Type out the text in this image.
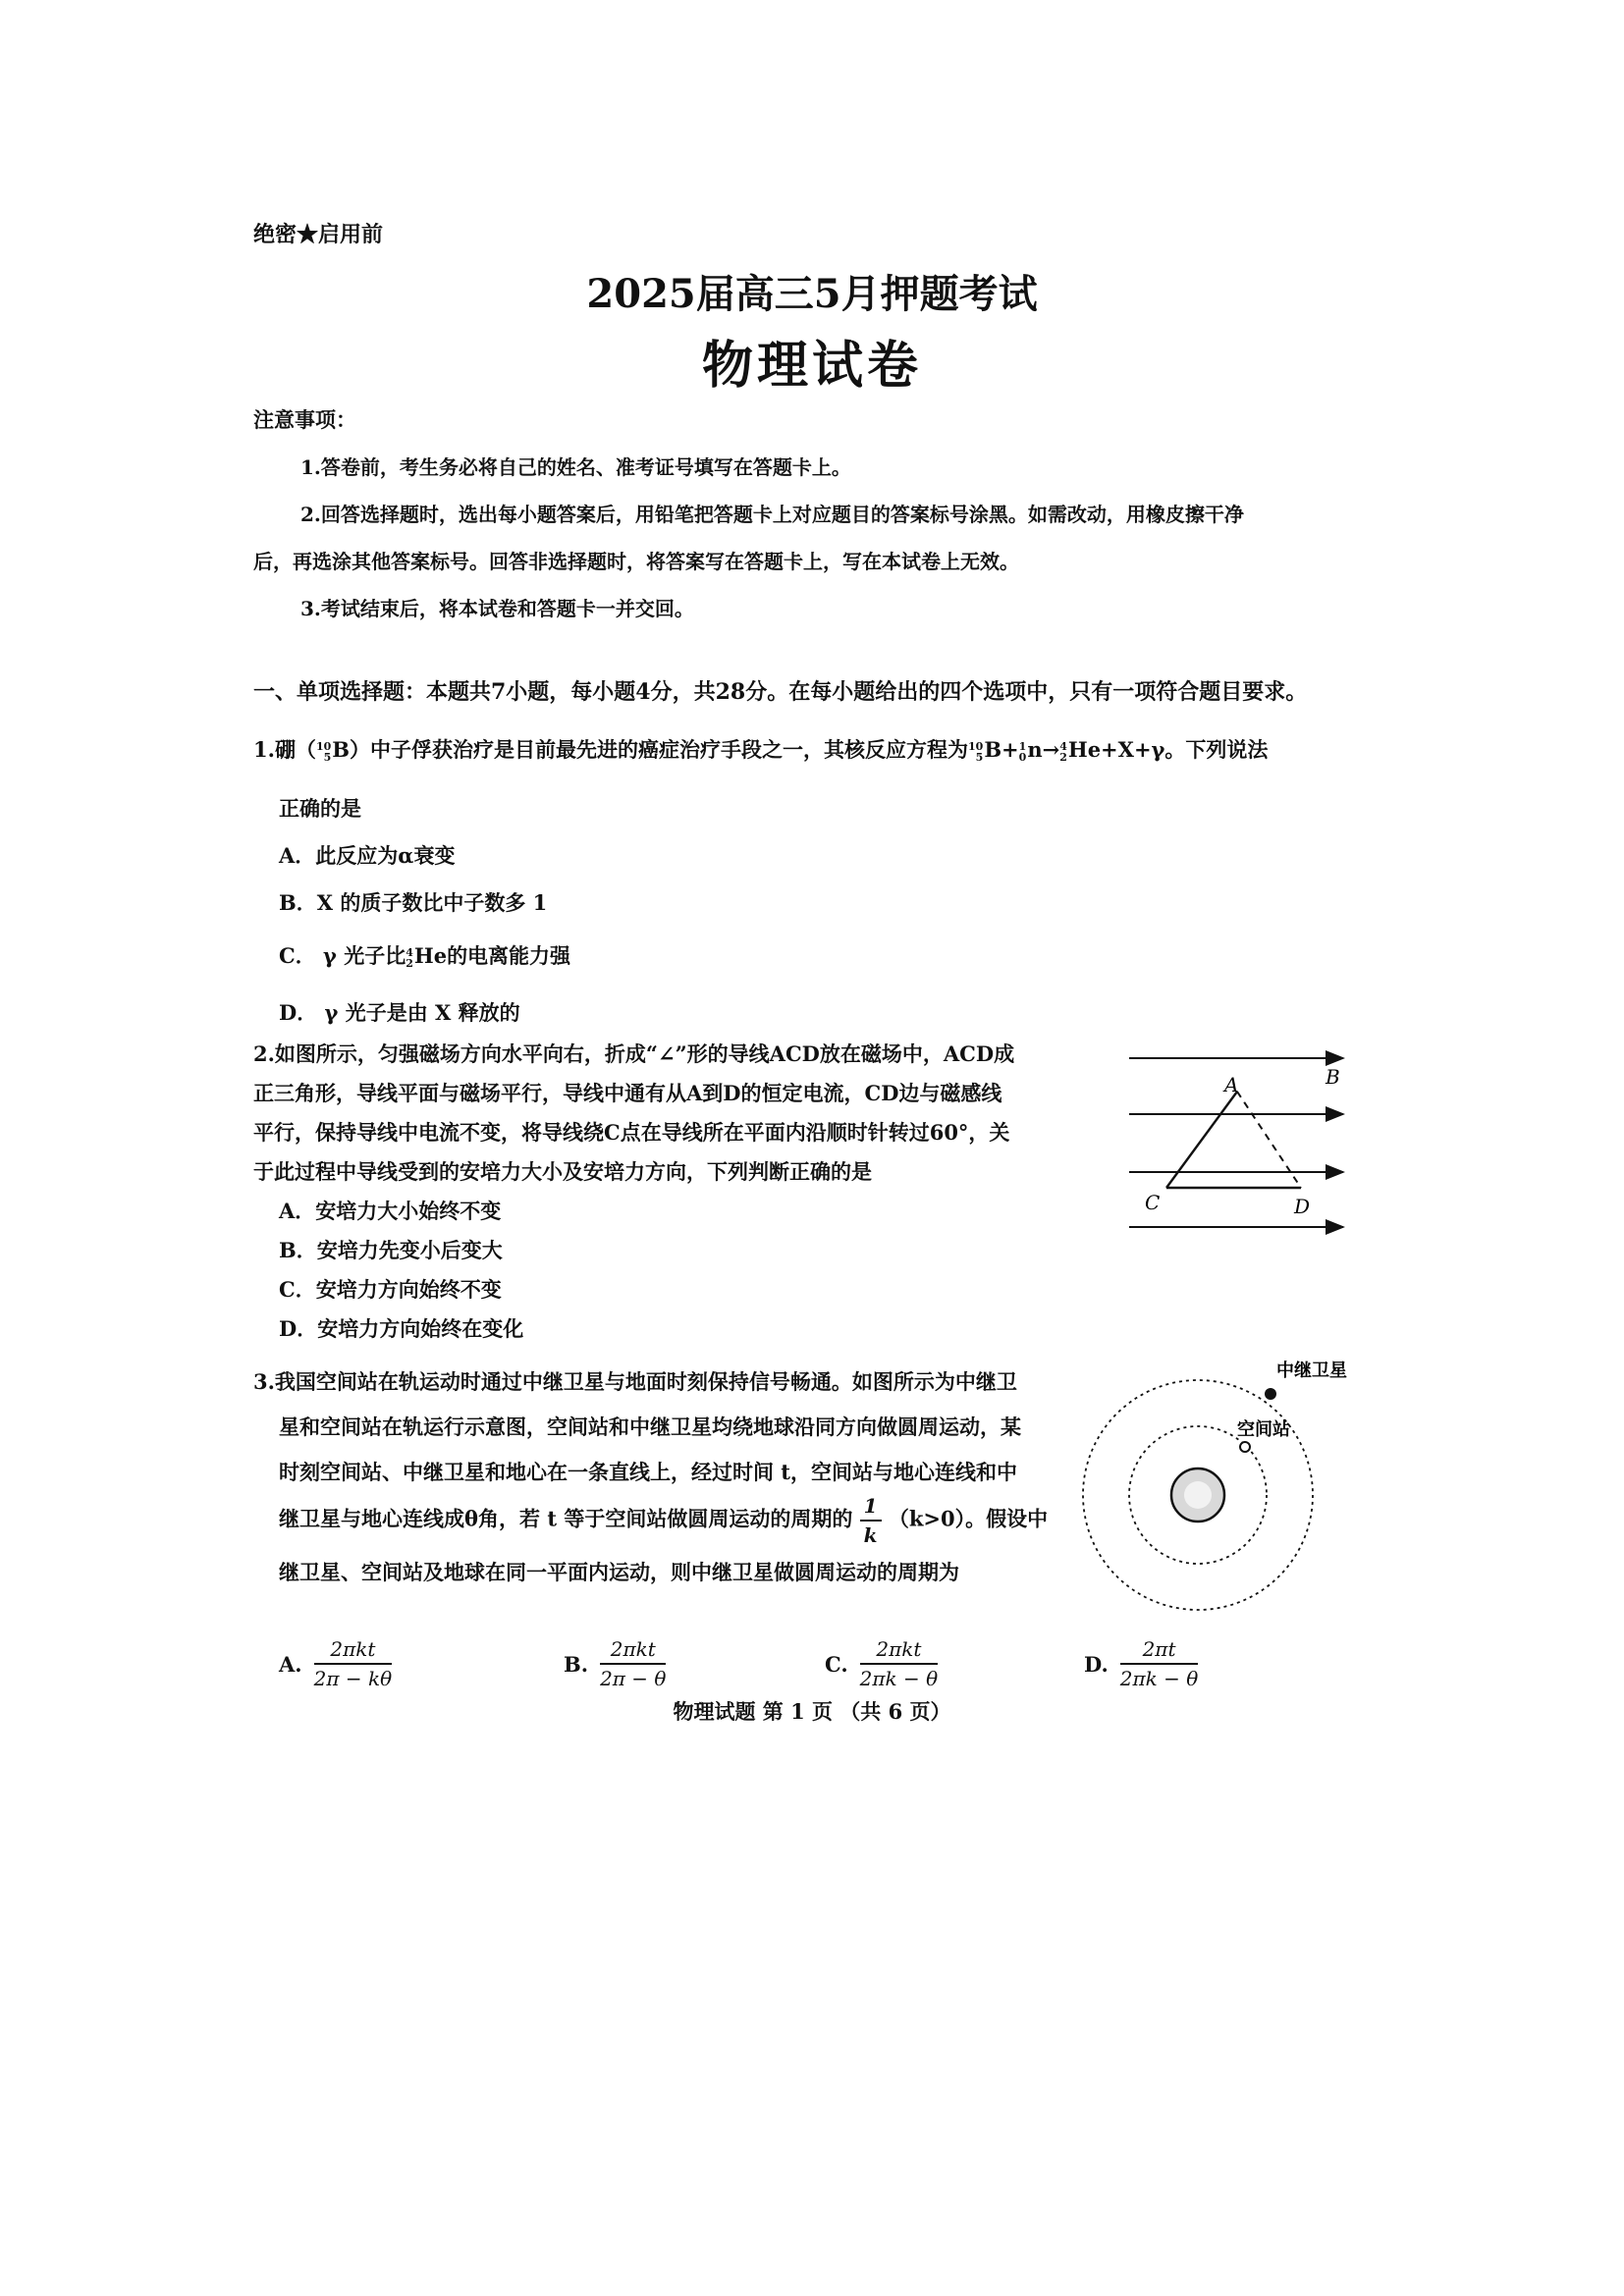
绝密★启用前
2025届高三5月押题考试
物理试卷
注意事项：
1.答卷前，考生务必将自己的姓名、准考证号填写在答题卡上。
2.回答选择题时，选出每小题答案后，用铅笔把答题卡上对应题目的答案标号涂黑。如需改动，用橡皮擦干净
后，再选涂其他答案标号。回答非选择题时，将答案写在答题卡上，写在本试卷上无效。
3.考试结束后，将本试卷和答题卡一并交回。
一、单项选择题：本题共7小题，每小题4分，共28分。在每小题给出的四个选项中，只有一项符合题目要求。
1.硼（10
5B）中子俘获治疗是目前最先进的癌症治疗手段之一，其核反应方程为10
5B+1
0n→4
2He+X+γ。下列说法
正确的是
A．此反应为α衰变
B．X 的质子数比中子数多 1
C． γ 光子比4
2He的电离能力强
D． γ 光子是由 X 释放的
2.如图所示，匀强磁场方向水平向右，折成“∠”形的导线ACD放在磁场中，ACD成
正三角形，导线平面与磁场平行，导线中通有从A到D的恒定电流，CD边与磁感线
平行，保持导线中电流不变，将导线绕C点在导线所在平面内沿顺时针转过60°，关
于此过程中导线受到的安培力大小及安培力方向，下列判断正确的是
A．安培力大小始终不变
B．安培力先变小后变大
C．安培力方向始终不变
D．安培力方向始终在变化
B
A
C	D
3.我国空间站在轨运动时通过中继卫星与地面时刻保持信号畅通。如图所示为中继卫
星和空间站在轨运行示意图，空间站和中继卫星均绕地球沿同方向做圆周运动，某
时刻空间站、中继卫星和地心在一条直线上，经过时间 t，空间站与地心连线和中
继卫星与地心连线成θ角，若 t 等于空间站做圆周运动的周期的 $\frac{1}{k} (k>0)$。假设中
继卫星、空间站及地球在同一平面内运动，则中继卫星做圆周运动的周期为
中继卫星
空间站
A. $\frac{\text{2πkt}}{2\pi - k\theta}$	B. $\frac{\text{2πkt}}{2\pi - \theta}$	C. $\frac{\text{2πkt}}{2\pi k - \theta}$	D. $\frac{2\pi t}{2\pi k - \theta}$
物理试题 第 1 页 （共 6 页）
